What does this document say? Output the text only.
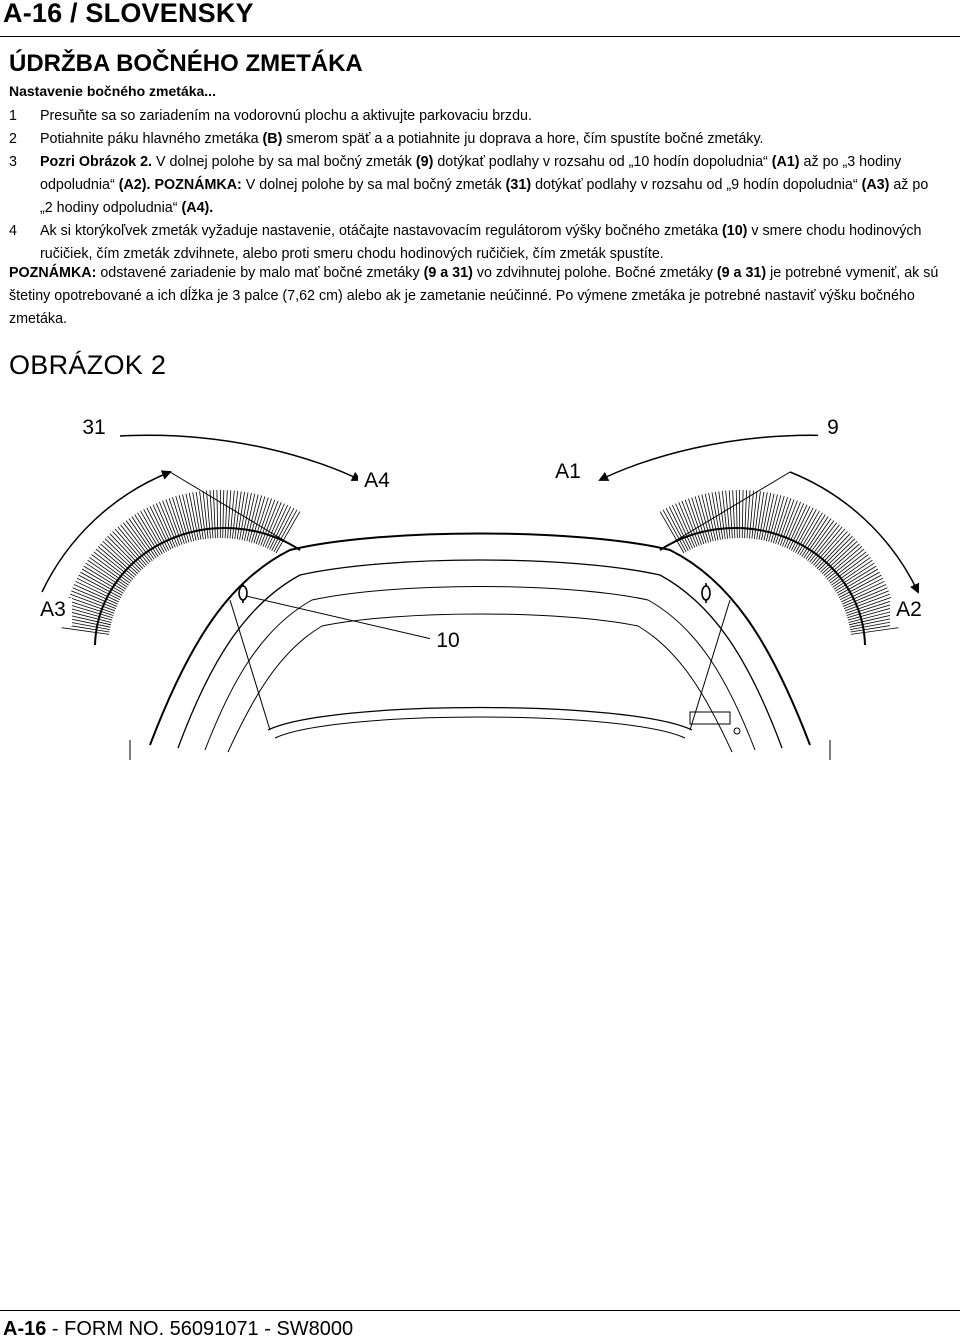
A-16 / SLOVENSKY
ÚDRŽBA BOČNÉHO ZMETÁKA
Nastavenie bočného zmetáka...
1	Presuňte sa so zariadením na vodorovnú plochu a aktivujte parkovaciu brzdu.
2	Potiahnite páku hlavného zmetáka (B) smerom späť a a potiahnite ju doprava a hore, čím spustíte bočné zmetáky.
3	Pozri Obrázok 2. V dolnej polohe by sa mal bočný zmeták (9) dotýkať podlahy v rozsahu od „10 hodín dopoludnia“ (A1) až po „3 hodiny odpoludnia“ (A2). POZNÁMKA: V dolnej polohe by sa mal bočný zmeták (31) dotýkať podlahy v rozsahu od „9 hodín dopoludnia“ (A3) až po „2 hodiny odpoludnia“ (A4).
4	Ak si ktorýkoľvek zmeták vyžaduje nastavenie, otáčajte nastavovacím regulátorom výšky bočného zmetáka (10) v smere chodu hodinových ručičiek, čím zmeták zdvihnete, alebo proti smeru chodu hodinových ručičiek, čím zmeták spustíte.
POZNÁMKA: odstavené zariadenie by malo mať bočné zmetáky (9 a 31) vo zdvihnutej polohe. Bočné zmetáky (9 a 31) je potrebné vymeniť, ak sú štetiny opotrebované a ich dĺžka je 3 palce (7,62 cm) alebo ak je zametanie neúčinné. Po výmene zmetáka je potrebné nastaviť výšku bočného zmetáka.
OBRÁZOK 2
31	9
A4	A1
A3	A2
10
A-16 - FORM NO. 56091071 - SW8000
